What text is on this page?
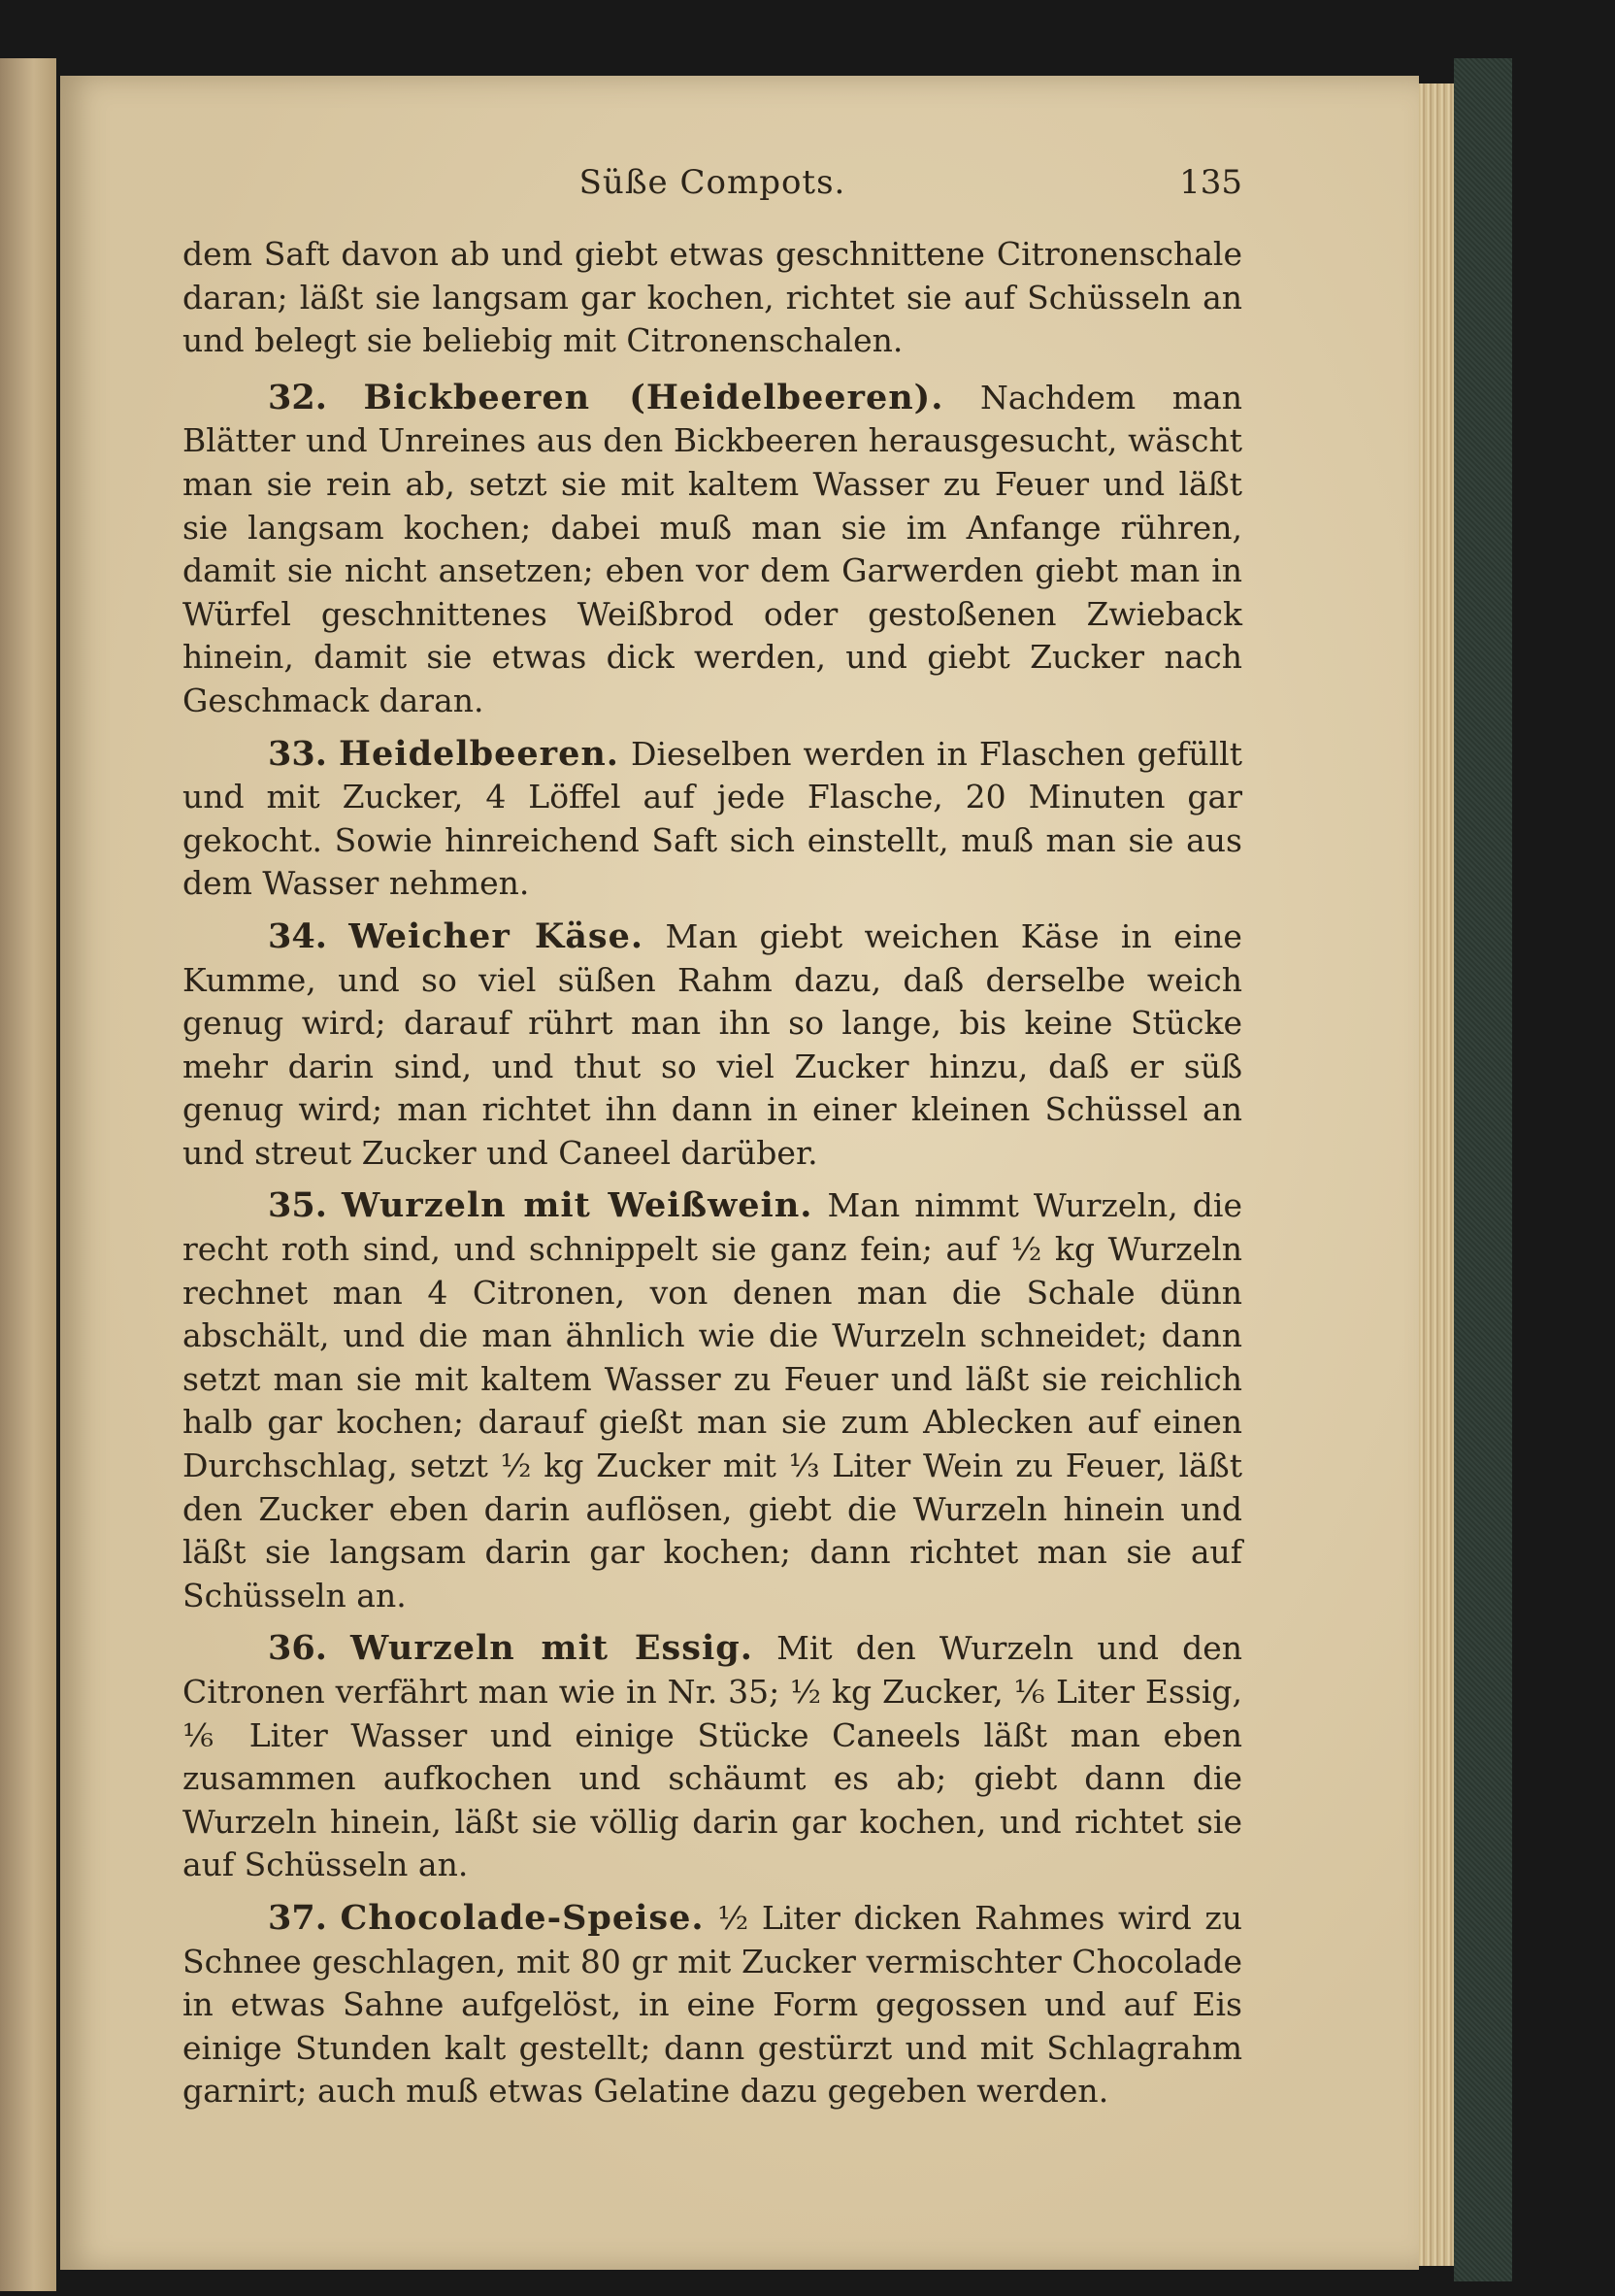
Süße Compots.	135

dem Saft davon ab und giebt etwas geschnittene Citronenschale daran; läßt sie langsam gar kochen, richtet sie auf Schüsseln an und belegt sie beliebig mit Citronenschalen.

32. Bickbeeren (Heidelbeeren). Nachdem man Blätter und Unreines aus den Bickbeeren herausgesucht, wäscht man sie rein ab, setzt sie mit kaltem Wasser zu Feuer und läßt sie langsam kochen; dabei muß man sie im Anfange rühren, damit sie nicht ansetzen; eben vor dem Garwerden giebt man in Würfel geschnittenes Weißbrod oder gestoßenen Zwieback hinein, damit sie etwas dick werden, und giebt Zucker nach Geschmack daran.

33. Heidelbeeren. Dieselben werden in Flaschen gefüllt und mit Zucker, 4 Löffel auf jede Flasche, 20 Minuten gar gekocht. Sowie hinreichend Saft sich einstellt, muß man sie aus dem Wasser nehmen.

34. Weicher Käse. Man giebt weichen Käse in eine Kumme, und so viel süßen Rahm dazu, daß derselbe weich genug wird; darauf rührt man ihn so lange, bis keine Stücke mehr darin sind, und thut so viel Zucker hinzu, daß er süß genug wird; man richtet ihn dann in einer kleinen Schüssel an und streut Zucker und Caneel darüber.

35. Wurzeln mit Weißwein. Man nimmt Wurzeln, die recht roth sind, und schnippelt sie ganz fein; auf ½ kg Wurzeln rechnet man 4 Citronen, von denen man die Schale dünn abschält, und die man ähnlich wie die Wurzeln schneidet; dann setzt man sie mit kaltem Wasser zu Feuer und läßt sie reichlich halb gar kochen; darauf gießt man sie zum Ablecken auf einen Durchschlag, setzt ½ kg Zucker mit ⅓ Liter Wein zu Feuer, läßt den Zucker eben darin auflösen, giebt die Wurzeln hinein und läßt sie langsam darin gar kochen; dann richtet man sie auf Schüsseln an.

36. Wurzeln mit Essig. Mit den Wurzeln und den Citronen verfährt man wie in Nr. 35; ½ kg Zucker, ⅙ Liter Essig, ⅙ Liter Wasser und einige Stücke Caneels läßt man eben zusammen aufkochen und schäumt es ab; giebt dann die Wurzeln hinein, läßt sie völlig darin gar kochen, und richtet sie auf Schüsseln an.

37. Chocolade-Speise. ½ Liter dicken Rahmes wird zu Schnee geschlagen, mit 80 gr mit Zucker vermischter Chocolade in etwas Sahne aufgelöst, in eine Form gegossen und auf Eis einige Stunden kalt gestellt; dann gestürzt und mit Schlagrahm garnirt; auch muß etwas Gelatine dazu gegeben werden.
